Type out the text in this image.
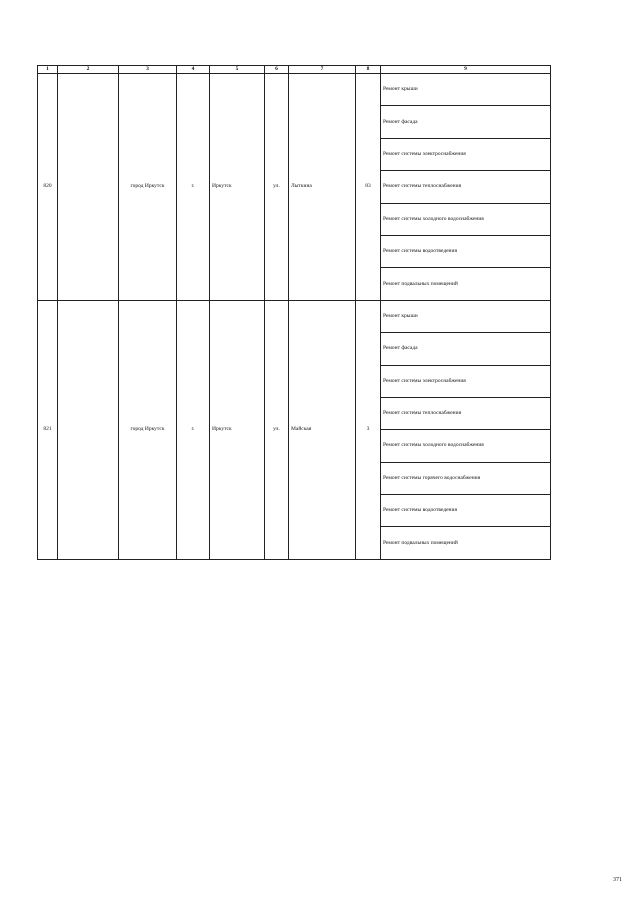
1	2	3	4	5	6	7	8	9
820		город Иркутск	г.	Иркутск	ул.	Лыткина	83	Ремонт крыши
								Ремонт фасада
								Ремонт системы электроснабжения
								Ремонт системы теплоснабжения
								Ремонт системы холодного водоснабжения
								Ремонт системы водоотведения
								Ремонт подвальных помещений
821		город Иркутск	г.	Иркутск	ул.	Майская	3	Ремонт крыши
								Ремонт фасада
								Ремонт системы электроснабжения
								Ремонт системы теплоснабжения
								Ремонт системы холодного водоснабжения
								Ремонт системы горячего водоснабжения
								Ремонт системы водоотведения
								Ремонт подвальных помещений
371
